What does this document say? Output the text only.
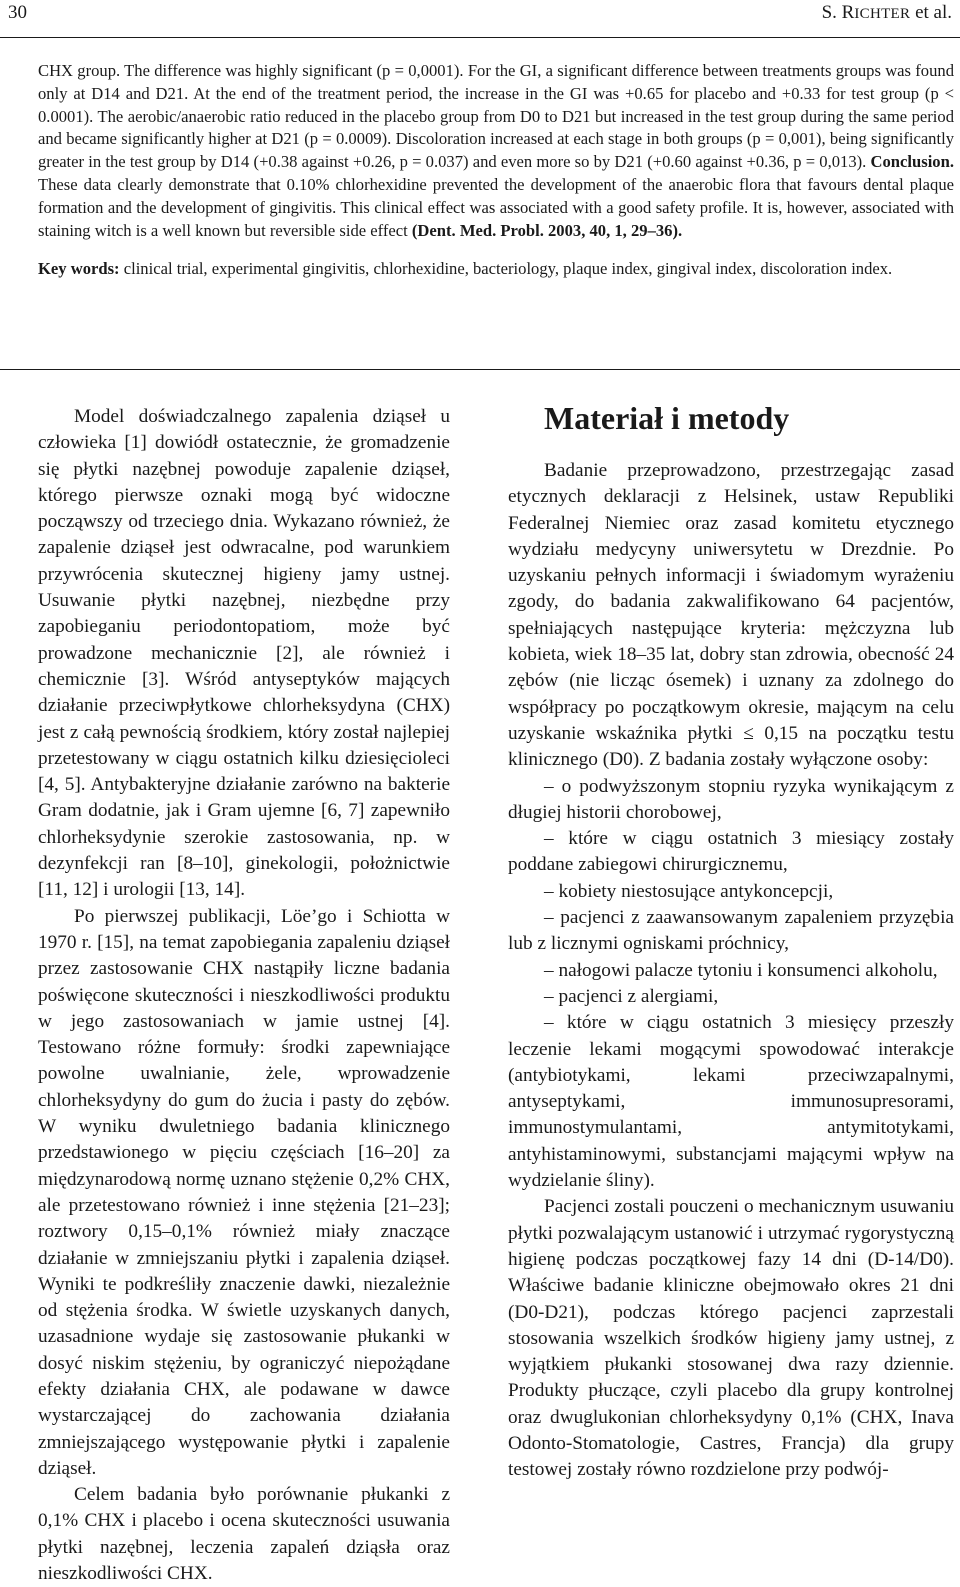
30	S. RICHTER et al.

CHX group. The difference was highly significant (p = 0,0001). For the GI, a significant difference between treatments groups was found only at D14 and D21. At the end of the treatment period, the increase in the GI was +0.65 for placebo and +0.33 for test group (p < 0.0001). The aerobic/anaerobic ratio reduced in the placebo group from D0 to D21 but increased in the test group during the same period and became significantly higher at D21 (p = 0.0009). Discoloration increased at each stage in both groups (p = 0,001), being significantly greater in the test group by D14 (+0.38 against +0.26, p = 0.037) and even more so by D21 (+0.60 against +0.36, p = 0,013). Conclusion. These data clearly demonstrate that 0.10% chlorhexidine prevented the development of the anaerobic flora that favours dental plaque formation and the development of gingivitis. This clinical effect was associated with a good safety profile. It is, however, associated with staining witch is a well known but reversible side effect (Dent. Med. Probl. 2003, 40, 1, 29–36).

Key words: clinical trial, experimental gingivitis, chlorhexidine, bacteriology, plaque index, gingival index, discoloration index.

Model doświadczalnego zapalenia dziąseł u człowieka [1] dowiódł ostatecznie, że gromadzenie się płytki nazębnej powoduje zapalenie dziąseł, którego pierwsze oznaki mogą być widoczne począwszy od trzeciego dnia. Wykazano również, że zapalenie dziąseł jest odwracalne, pod warunkiem przywrócenia skutecznej higieny jamy ustnej. Usuwanie płytki nazębnej, niezbędne przy zapobieganiu periodontopatiom, może być prowadzone mechanicznie [2], ale również i chemicznie [3]. Wśród antyseptyków mających działanie przeciwpłytkowe chlorheksydyna (CHX) jest z całą pewnością środkiem, który został najlepiej przetestowany w ciągu ostatnich kilku dziesięcioleci [4, 5]. Antybakteryjne działanie zarówno na bakterie Gram dodatnie, jak i Gram ujemne [6, 7] zapewniło chlorheksydynie szerokie zastosowania, np. w dezynfekcji ran [8–10], ginekologii, położnictwie [11, 12] i urologii [13, 14].

Po pierwszej publikacji, Löe’go i Schiotta w 1970 r. [15], na temat zapobiegania zapaleniu dziąseł przez zastosowanie CHX nastąpiły liczne badania poświęcone skuteczności i nieszkodliwości produktu w jego zastosowaniach w jamie ustnej [4]. Testowano różne formuły: środki zapewniające powolne uwalnianie, żele, wprowadzenie chlorheksydyny do gum do żucia i pasty do zębów. W wyniku dwuletniego badania klinicznego przedstawionego w pięciu częściach [16–20] za międzynarodową normę uznano stężenie 0,2% CHX, ale przetestowano również i inne stężenia [21–23]; roztwory 0,15–0,1% również miały znaczące działanie w zmniejszaniu płytki i zapalenia dziąseł. Wyniki te podkreśliły znaczenie dawki, niezależnie od stężenia środka. W świetle uzyskanych danych, uzasadnione wydaje się zastosowanie płukanki w dosyć niskim stężeniu, by ograniczyć niepożądane efekty działania CHX, ale podawane w dawce wystarczającej do zachowania działania zmniejszającego występowanie płytki i zapalenie dziąseł.

Celem badania było porównanie płukanki z 0,1% CHX i placebo i ocena skuteczności usuwania płytki nazębnej, leczenia zapaleń dziąsła oraz nieszkodliwości CHX.

Materiał i metody

Badanie przeprowadzono, przestrzegając zasad etycznych deklaracji z Helsinek, ustaw Republiki Federalnej Niemiec oraz zasad komitetu etycznego wydziału medycyny uniwersytetu w Drezdnie. Po uzyskaniu pełnych informacji i świadomym wyrażeniu zgody, do badania zakwalifikowano 64 pacjentów, spełniających następujące kryteria: mężczyzna lub kobieta, wiek 18–35 lat, dobry stan zdrowia, obecność 24 zębów (nie licząc ósemek) i uznany za zdolnego do współpracy po początkowym okresie, mającym na celu uzyskanie wskaźnika płytki ≤ 0,15 na początku testu klinicznego (D0). Z badania zostały wyłączone osoby:

– o podwyższonym stopniu ryzyka wynikającym z długiej historii chorobowej,

– które w ciągu ostatnich 3 miesiący zostały poddane zabiegowi chirurgicznemu,

– kobiety niestosujące antykoncepcji,

– pacjenci z zaawansowanym zapaleniem przyzębia lub z licznymi ogniskami próchnicy,

– nałogowi palacze tytoniu i konsumenci alkoholu,

– pacjenci z alergiami,

– które w ciągu ostatnich 3 miesięcy przeszły leczenie lekami mogącymi spowodować interakcje (antybiotykami, lekami przeciwzapalnymi, antyseptykami, immunosupresorami, immunostymulantami, antymitotykami, antyhistaminowymi, substancjami mającymi wpływ na wydzielanie śliny).

Pacjenci zostali pouczeni o mechanicznym usuwaniu płytki pozwalającym ustanowić i utrzymać rygorystyczną higienę podczas początkowej fazy 14 dni (D-14/D0). Właściwe badanie kliniczne obejmowało okres 21 dni (D0-D21), podczas którego pacjenci zaprzestali stosowania wszelkich środków higieny jamy ustnej, z wyjątkiem płukanki stosowanej dwa razy dziennie. Produkty płuczące, czyli placebo dla grupy kontrolnej oraz dwuglukonian chlorheksydyny 0,1% (CHX, Inava Odonto-Stomatologie, Castres, Francja) dla grupy testowej zostały równo rozdzielone przy podwój-
